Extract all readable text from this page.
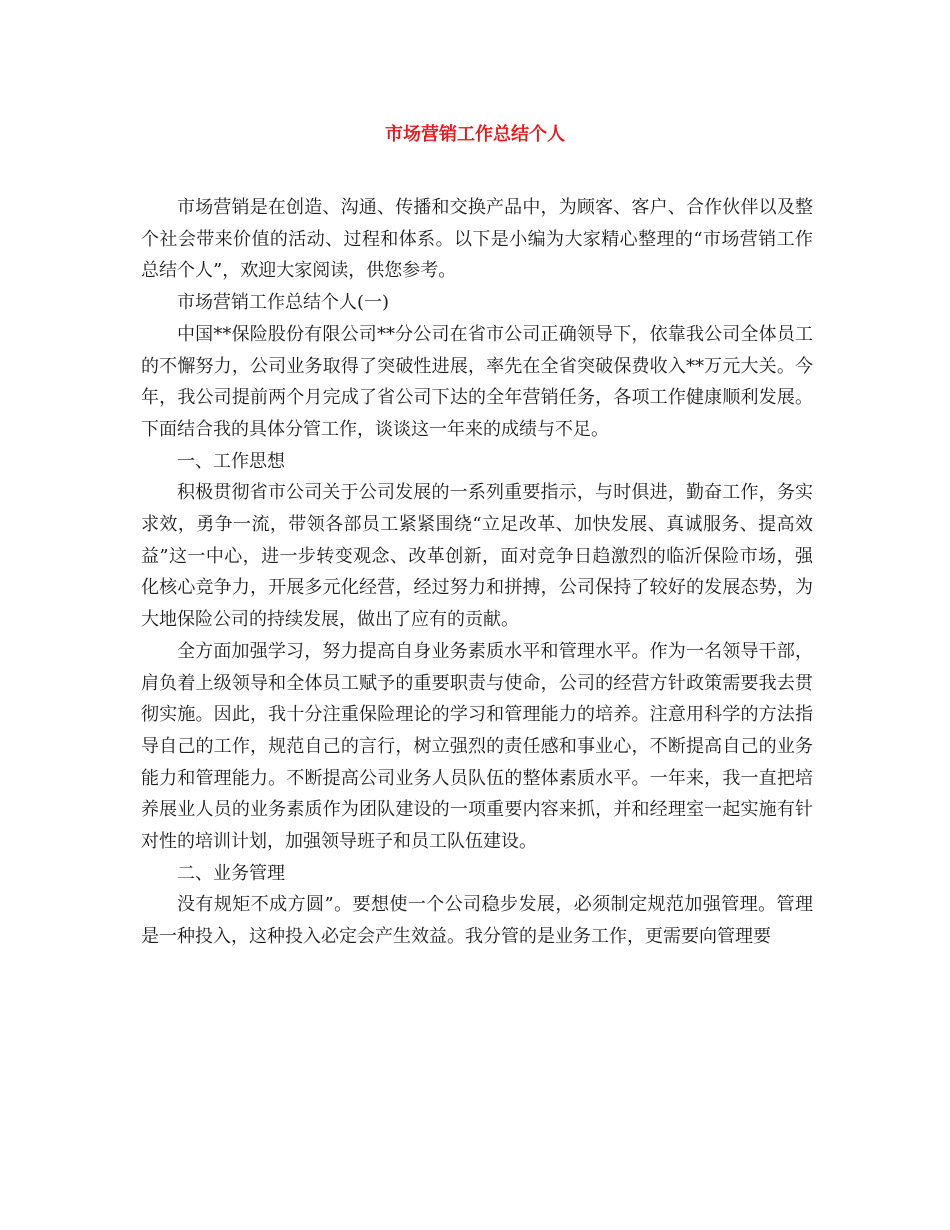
市场营销工作总结个人

市场营销是在创造、沟通、传播和交换产品中，为顾客、客户、合作伙伴以及整个社会带来价值的活动、过程和体系。以下是小编为大家精心整理的“市场营销工作总结个人”，欢迎大家阅读，供您参考。

市场营销工作总结个人(一)

中国**保险股份有限公司**分公司在省市公司正确领导下，依靠我公司全体员工的不懈努力，公司业务取得了突破性进展，率先在全省突破保费收入**万元大关。今年，我公司提前两个月完成了省公司下达的全年营销任务，各项工作健康顺利发展。下面结合我的具体分管工作，谈谈这一年来的成绩与不足。

一、工作思想

积极贯彻省市公司关于公司发展的一系列重要指示，与时俱进，勤奋工作，务实求效，勇争一流，带领各部员工紧紧围绕“立足改革、加快发展、真诚服务、提高效益”这一中心，进一步转变观念、改革创新，面对竞争日趋激烈的临沂保险市场，强化核心竞争力，开展多元化经营，经过努力和拼搏，公司保持了较好的发展态势，为大地保险公司的持续发展，做出了应有的贡献。

全方面加强学习，努力提高自身业务素质水平和管理水平。作为一名领导干部，肩负着上级领导和全体员工赋予的重要职责与使命，公司的经营方针政策需要我去贯彻实施。因此，我十分注重保险理论的学习和管理能力的培养。注意用科学的方法指导自己的工作，规范自己的言行，树立强烈的责任感和事业心，不断提高自己的业务能力和管理能力。不断提高公司业务人员队伍的整体素质水平。一年来，我一直把培养展业人员的业务素质作为团队建设的一项重要内容来抓，并和经理室一起实施有针对性的培训计划，加强领导班子和员工队伍建设。

二、业务管理

没有规矩不成方圆”。要想使一个公司稳步发展，必须制定规范加强管理。管理是一种投入，这种投入必定会产生效益。我分管的是业务工作，更需要向管理要
